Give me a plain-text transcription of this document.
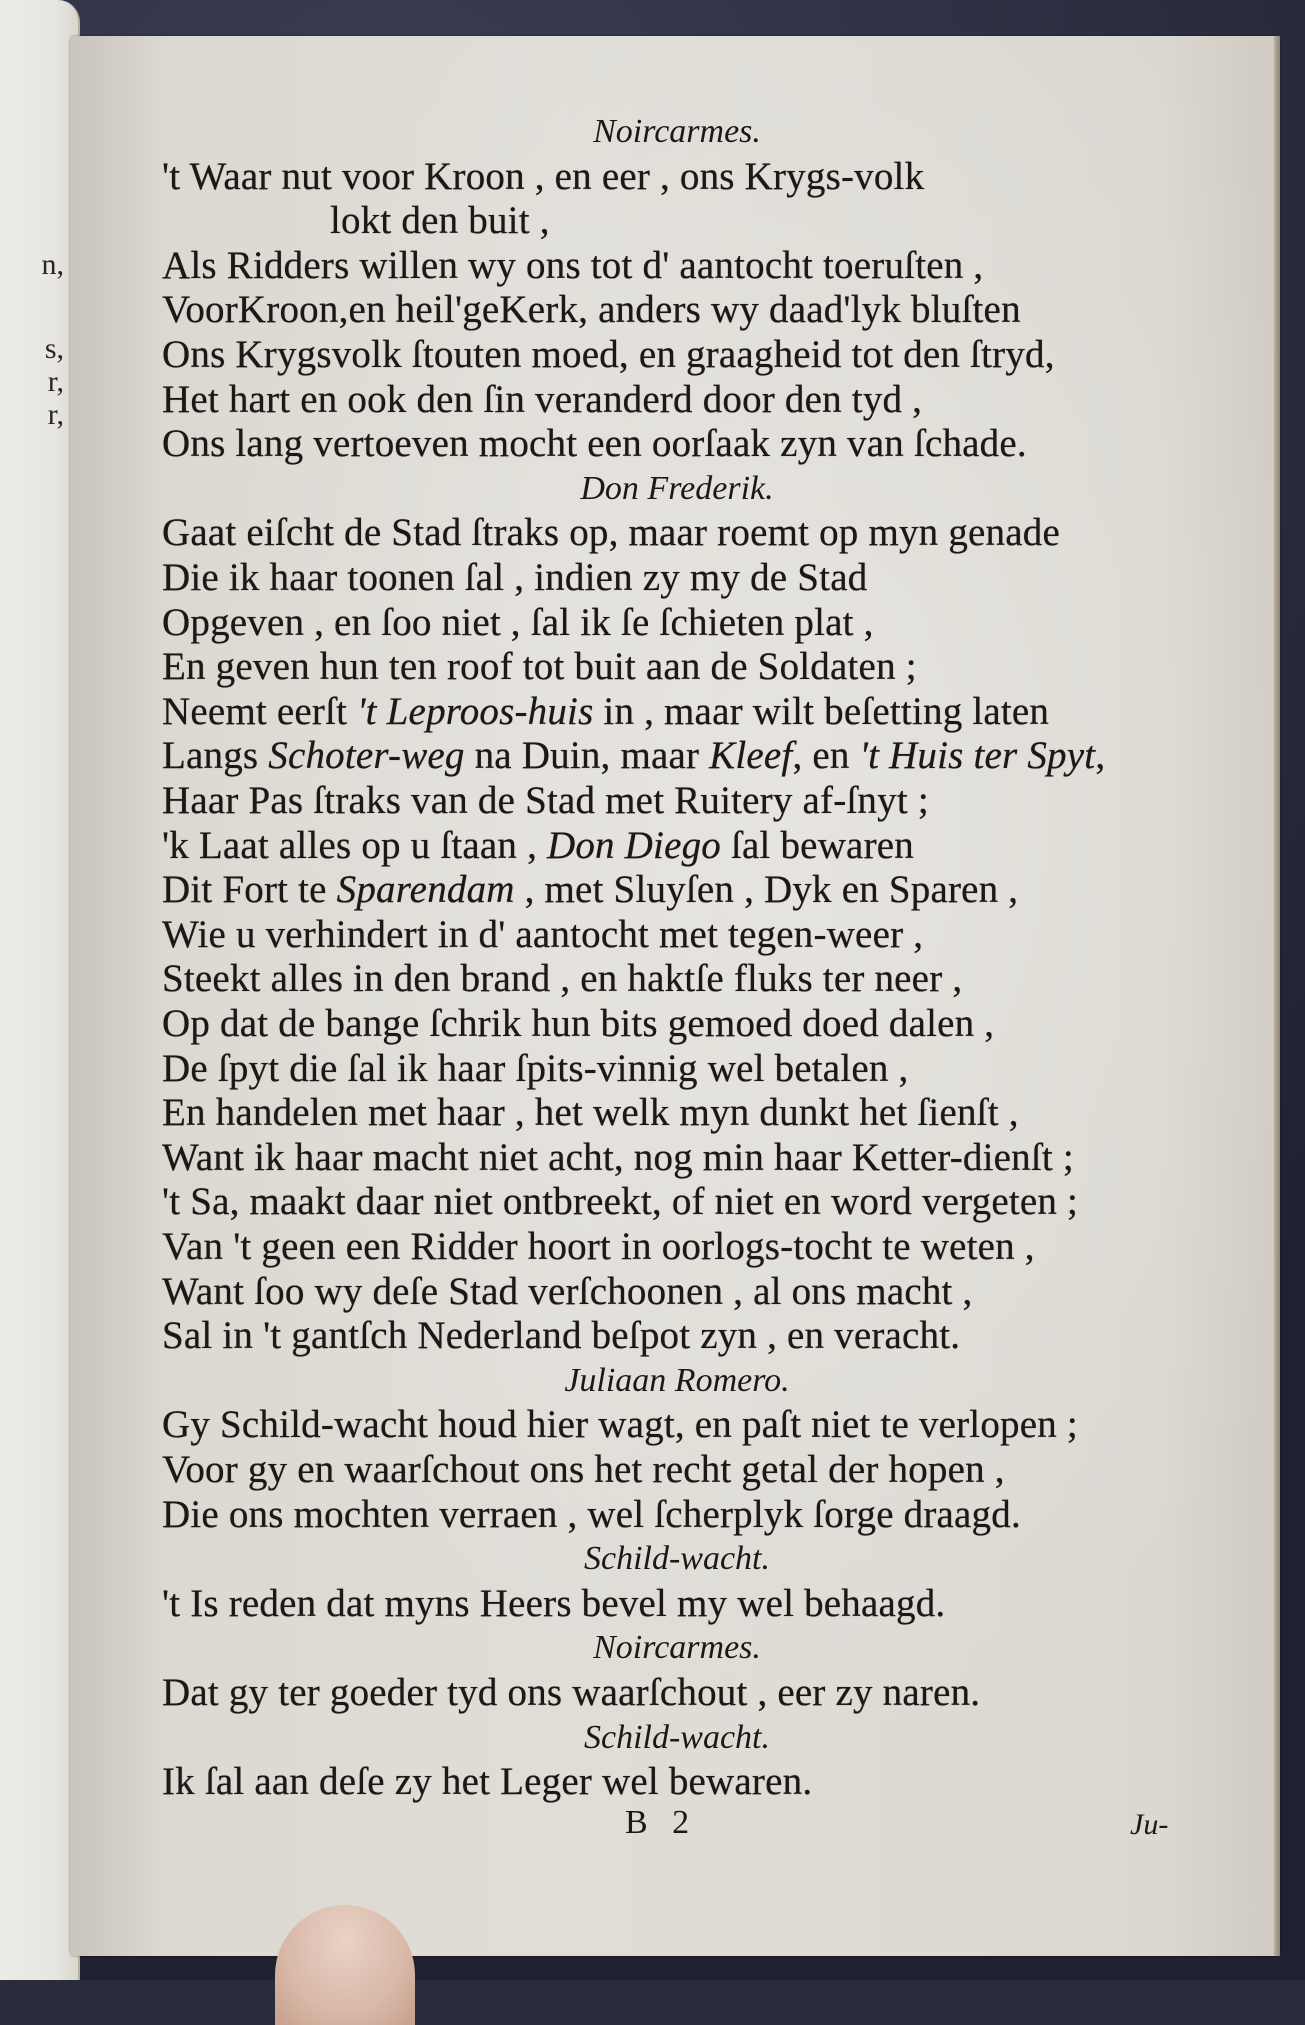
n,
s,
r,
r,
Noircarmes.
't Waar nut voor Kroon , en eer , ons Krygs-volk
lokt den buit ,
Als Ridders willen wy ons tot d' aantocht toeruſten ,
VoorKroon,en heil'geKerk, anders wy daad'lyk bluſten
Ons Krygsvolk ſtouten moed, en graagheid tot den ſtryd,
Het hart en ook den ſin veranderd door den tyd ,
Ons lang vertoeven mocht een oorſaak zyn van ſchade.
Don Frederik.
Gaat eiſcht de Stad ſtraks op, maar roemt op myn genade
Die ik haar toonen ſal , indien zy my de Stad
Opgeven , en ſoo niet , ſal ik ſe ſchieten plat ,
En geven hun ten roof tot buit aan de Soldaten ;
Neemt eerſt 't Leproos-huis in , maar wilt beſetting laten
Langs Schoter-weg na Duin, maar Kleef, en 't Huis ter Spyt,
Haar Pas ſtraks van de Stad met Ruitery af-ſnyt ;
'k Laat alles op u ſtaan , Don Diego ſal bewaren
Dit Fort te Sparendam , met Sluyſen , Dyk en Sparen ,
Wie u verhindert in d' aantocht met tegen-weer ,
Steekt alles in den brand , en haktſe fluks ter neer ,
Op dat de bange ſchrik hun bits gemoed doed dalen ,
De ſpyt die ſal ik haar ſpits-vinnig wel betalen ,
En handelen met haar , het welk myn dunkt het ſienſt ,
Want ik haar macht niet acht, nog min haar Ketter-dienſt ;
't Sa, maakt daar niet ontbreekt, of niet en word vergeten ;
Van 't geen een Ridder hoort in oorlogs-tocht te weten ,
Want ſoo wy deſe Stad verſchoonen , al ons macht ,
Sal in 't gantſch Nederland beſpot zyn , en veracht.
Juliaan Romero.
Gy Schild-wacht houd hier wagt, en paſt niet te verlopen ;
Voor gy en waarſchout ons het recht getal der hopen ,
Die ons mochten verraen , wel ſcherplyk ſorge draagd.
Schild-wacht.
't Is reden dat myns Heers bevel my wel behaagd.
Noircarmes.
Dat gy ter goeder tyd ons waarſchout , eer zy naren.
Schild-wacht.
Ik ſal aan deſe zy het Leger wel bewaren.
B 2	Ju-
